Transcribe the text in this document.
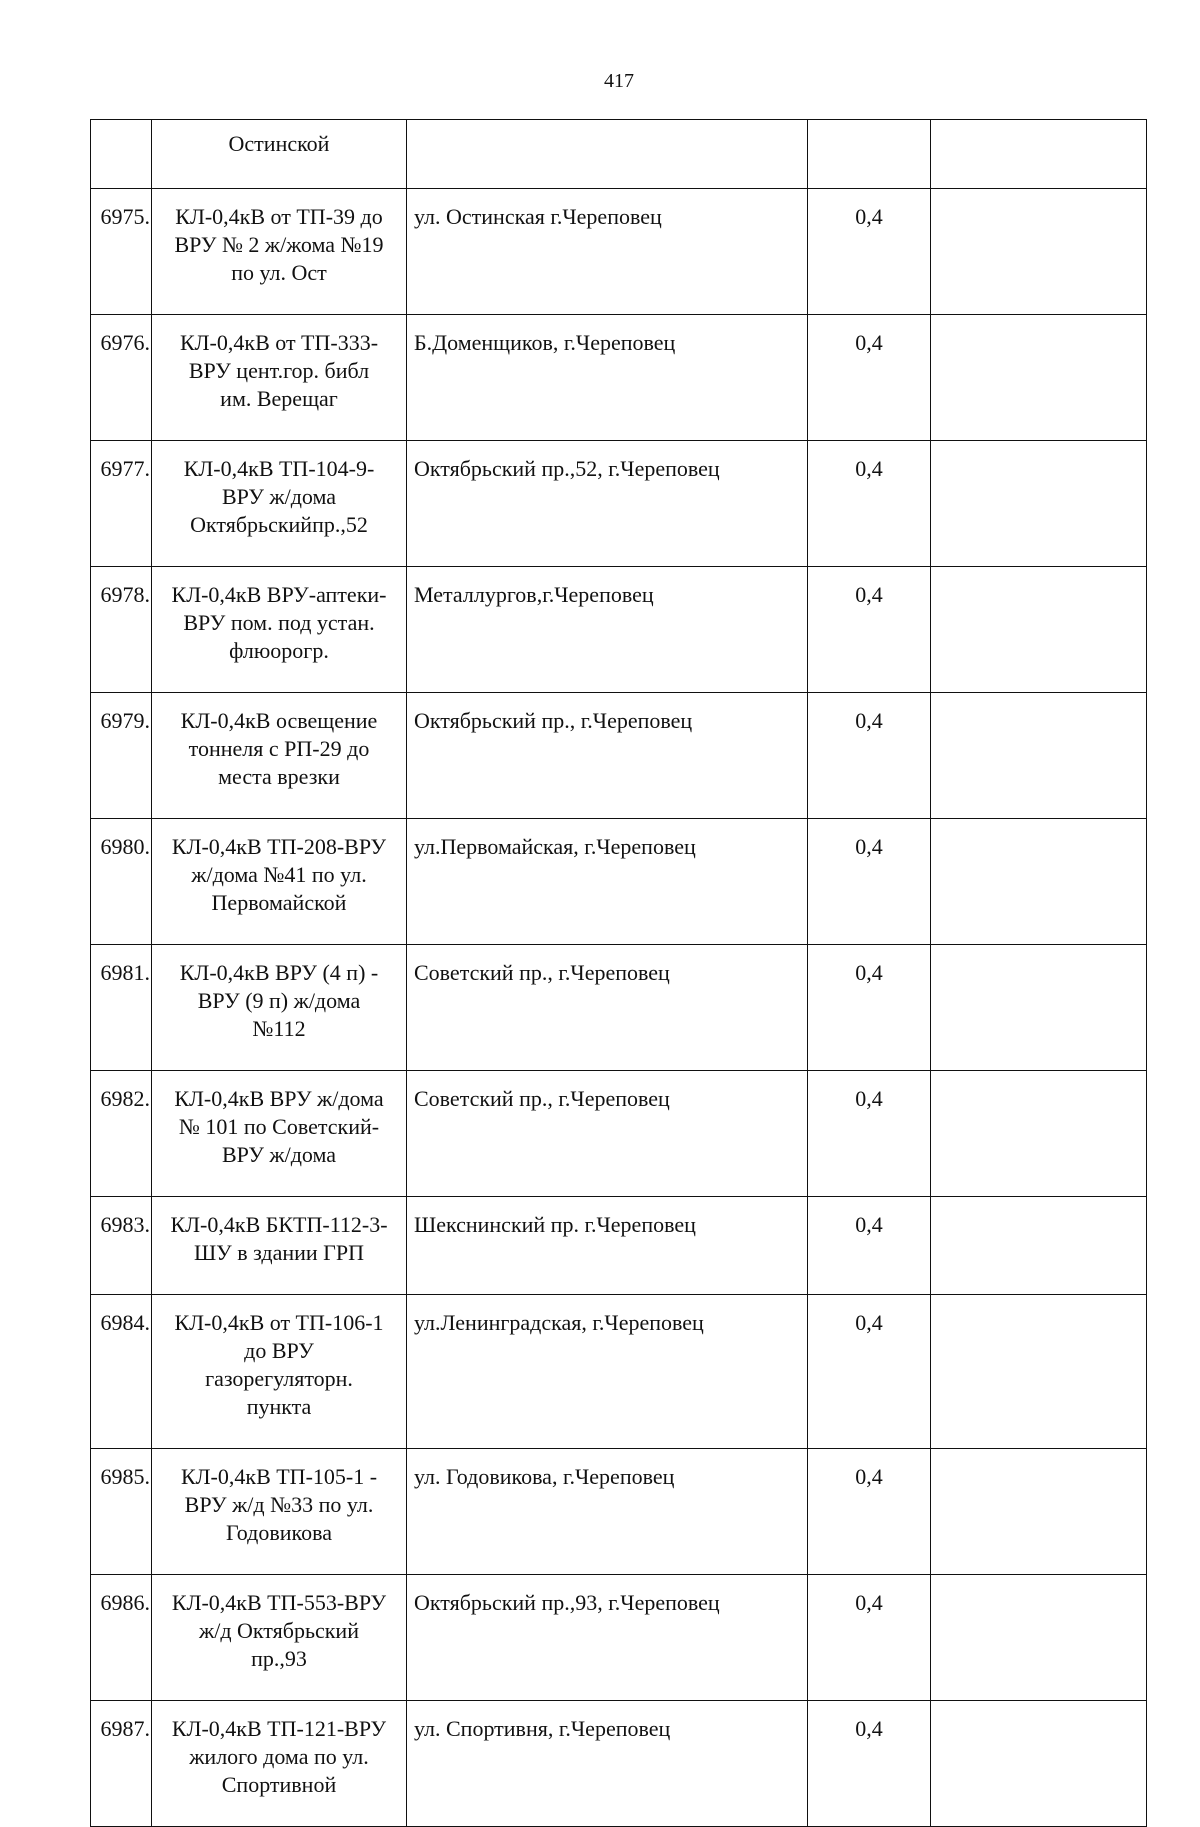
417
	Остинской			
6975.	КЛ-0,4кВ от ТП-39 до
ВРУ № 2 ж/жома №19
по ул. Ост	ул. Остинская г.Череповец	0,4	
6976.	КЛ-0,4кВ от ТП-333-
ВРУ цент.гор. библ
им. Верещаг	Б.Доменщиков, г.Череповец	0,4	
6977.	КЛ-0,4кВ ТП-104-9-
ВРУ ж/дома
Октябрьскийпр.,52	Октябрьский пр.,52, г.Череповец	0,4	
6978.	КЛ-0,4кВ ВРУ-аптеки-
ВРУ пом. под устан.
флюорогр.	Металлургов,г.Череповец	0,4	
6979.	КЛ-0,4кВ освещение
тоннеля с РП-29 до
места врезки	Октябрьский пр., г.Череповец	0,4	
6980.	КЛ-0,4кВ ТП-208-ВРУ
ж/дома №41 по ул.
Первомайской	ул.Первомайская, г.Череповец	0,4	
6981.	КЛ-0,4кВ ВРУ (4 п) -
ВРУ (9 п) ж/дома
№112	Советский пр., г.Череповец	0,4	
6982.	КЛ-0,4кВ ВРУ ж/дома
№ 101 по Советский-
ВРУ ж/дома	Советский пр., г.Череповец	0,4	
6983.	КЛ-0,4кВ БКТП-112-3-
ШУ в здании ГРП	Шекснинский пр. г.Череповец	0,4	
6984.	КЛ-0,4кВ от ТП-106-1
до ВРУ
газорегуляторн.
пункта	ул.Ленинградская, г.Череповец	0,4	
6985.	КЛ-0,4кВ ТП-105-1 -
ВРУ ж/д №33 по ул.
Годовикова	ул. Годовикова, г.Череповец	0,4	
6986.	КЛ-0,4кВ ТП-553-ВРУ
ж/д Октябрьский
пр.,93	Октябрьский пр.,93, г.Череповец	0,4	
6987.	КЛ-0,4кВ ТП-121-ВРУ
жилого дома по ул.
Спортивной	ул. Спортивня, г.Череповец	0,4	
